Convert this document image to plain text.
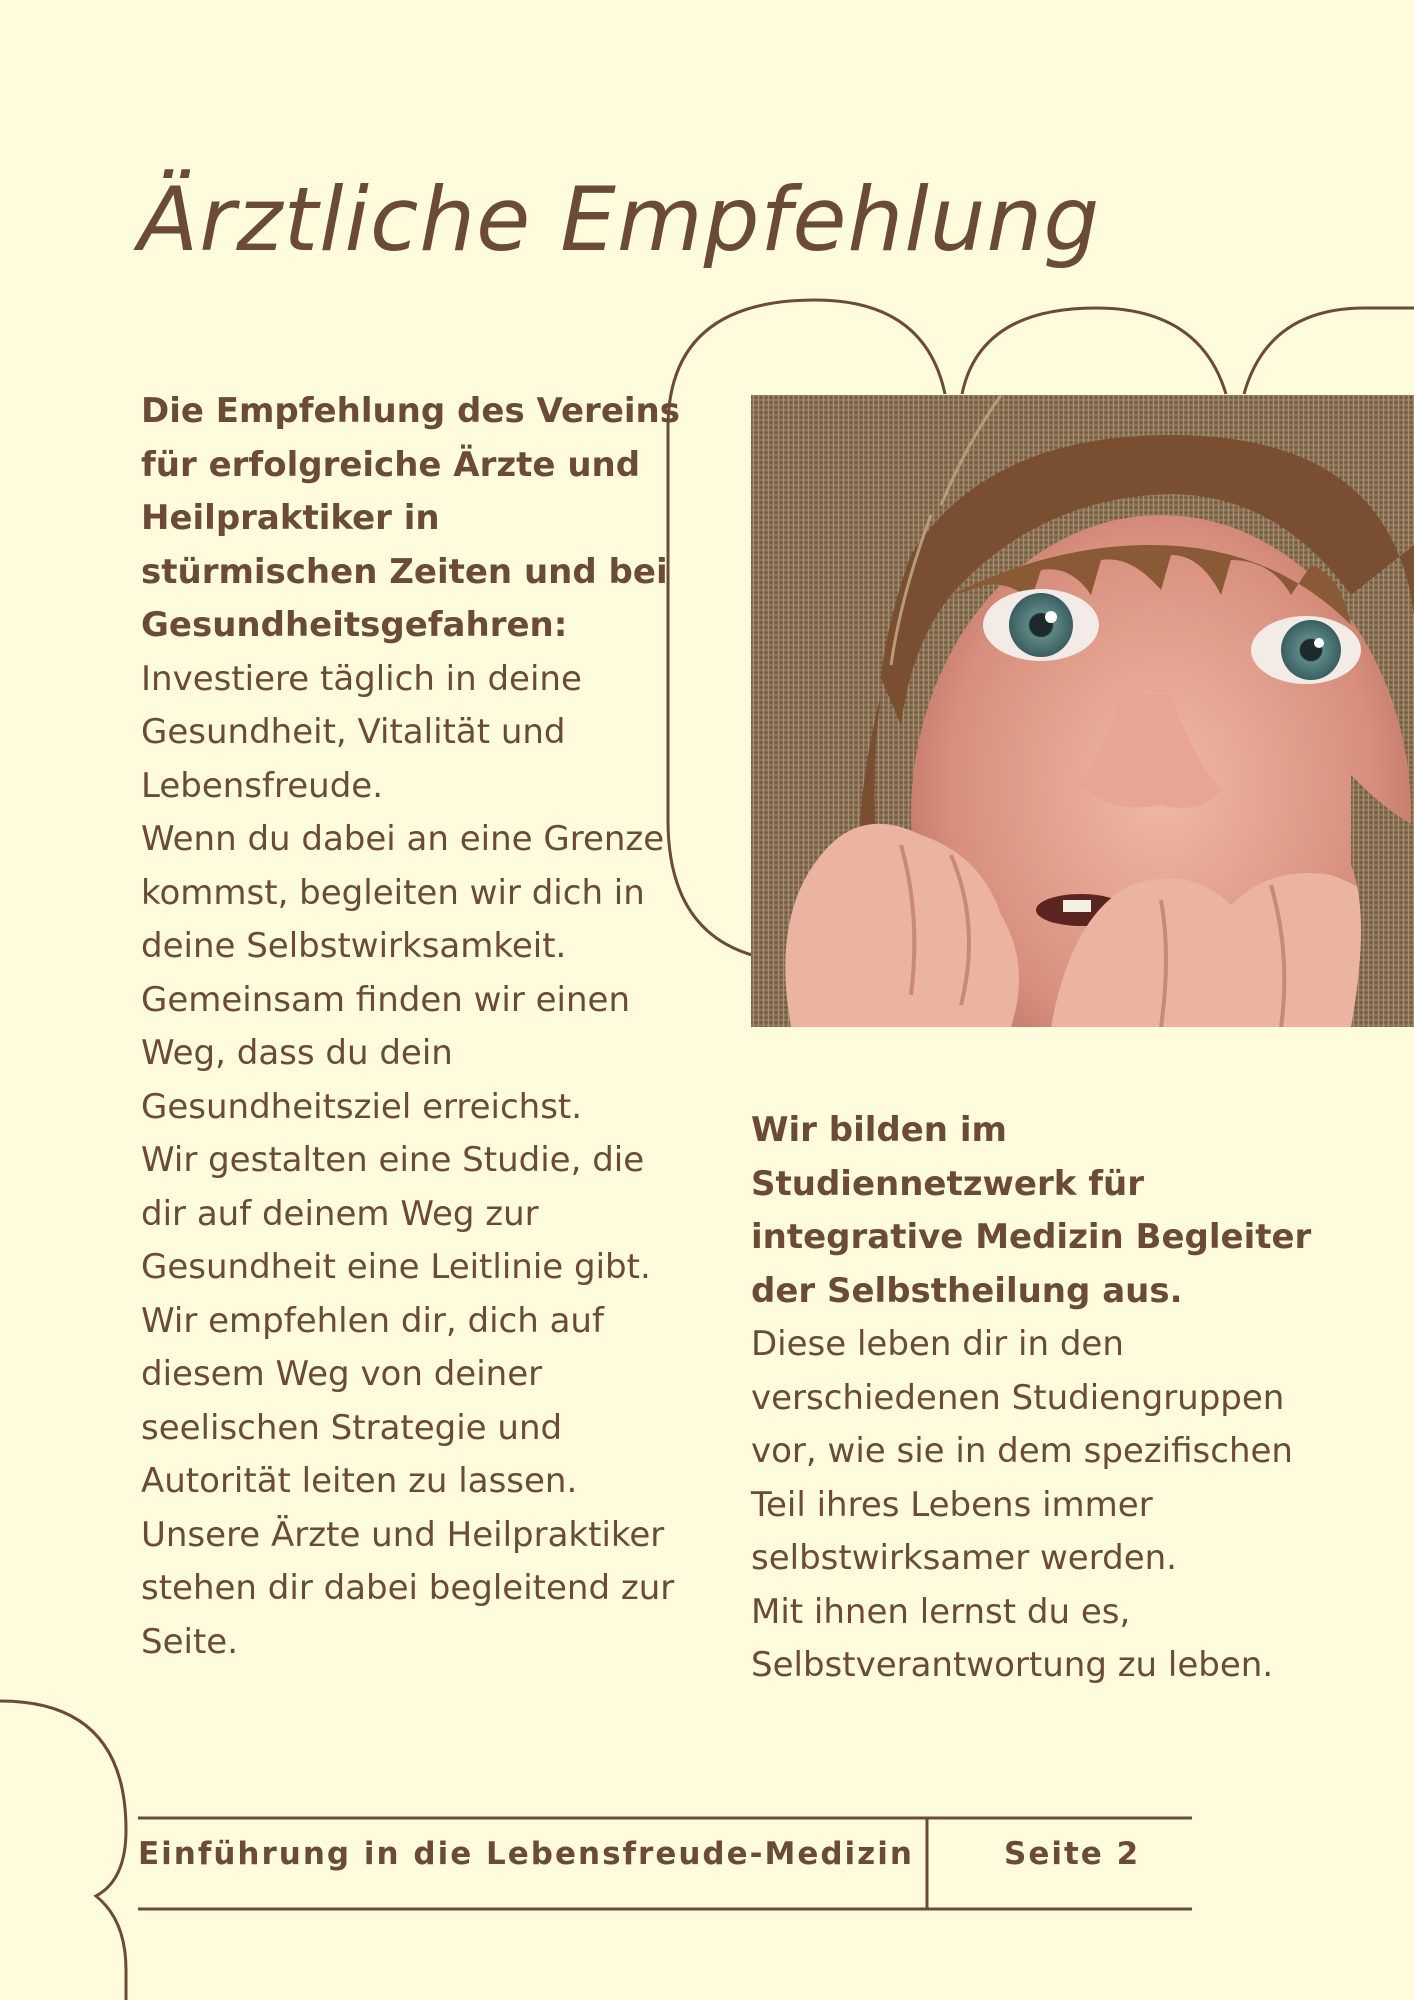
Ärztliche Empfehlung
Die Empfehlung des Vereins für erfolgreiche Ärzte und Heilpraktiker in stürmischen Zeiten und bei Gesundheitsgefahren:
Investiere täglich in deine Gesundheit, Vitalität und Lebensfreude.
Wenn du dabei an eine Grenze kommst, begleiten wir dich in deine Selbstwirksamkeit.
Gemeinsam finden wir einen Weg, dass du dein Gesundheitsziel erreichst.
Wir gestalten eine Studie, die dir auf deinem Weg zur Gesundheit eine Leitlinie gibt.
Wir empfehlen dir, dich auf diesem Weg von deiner seelischen Strategie und Autorität leiten zu lassen.
Unsere Ärzte und Heilpraktiker stehen dir dabei begleitend zur Seite.
Wir bilden im Studiennetzwerk für integrative Medizin Begleiter der Selbstheilung aus.
Diese leben dir in den verschiedenen Studiengruppen vor, wie sie in dem spezifischen Teil ihres Lebens immer selbstwirksamer werden.
Mit ihnen lernst du es, Selbstverantwortung zu leben.
Einführung in die Lebensfreude-Medizin	Seite 2
